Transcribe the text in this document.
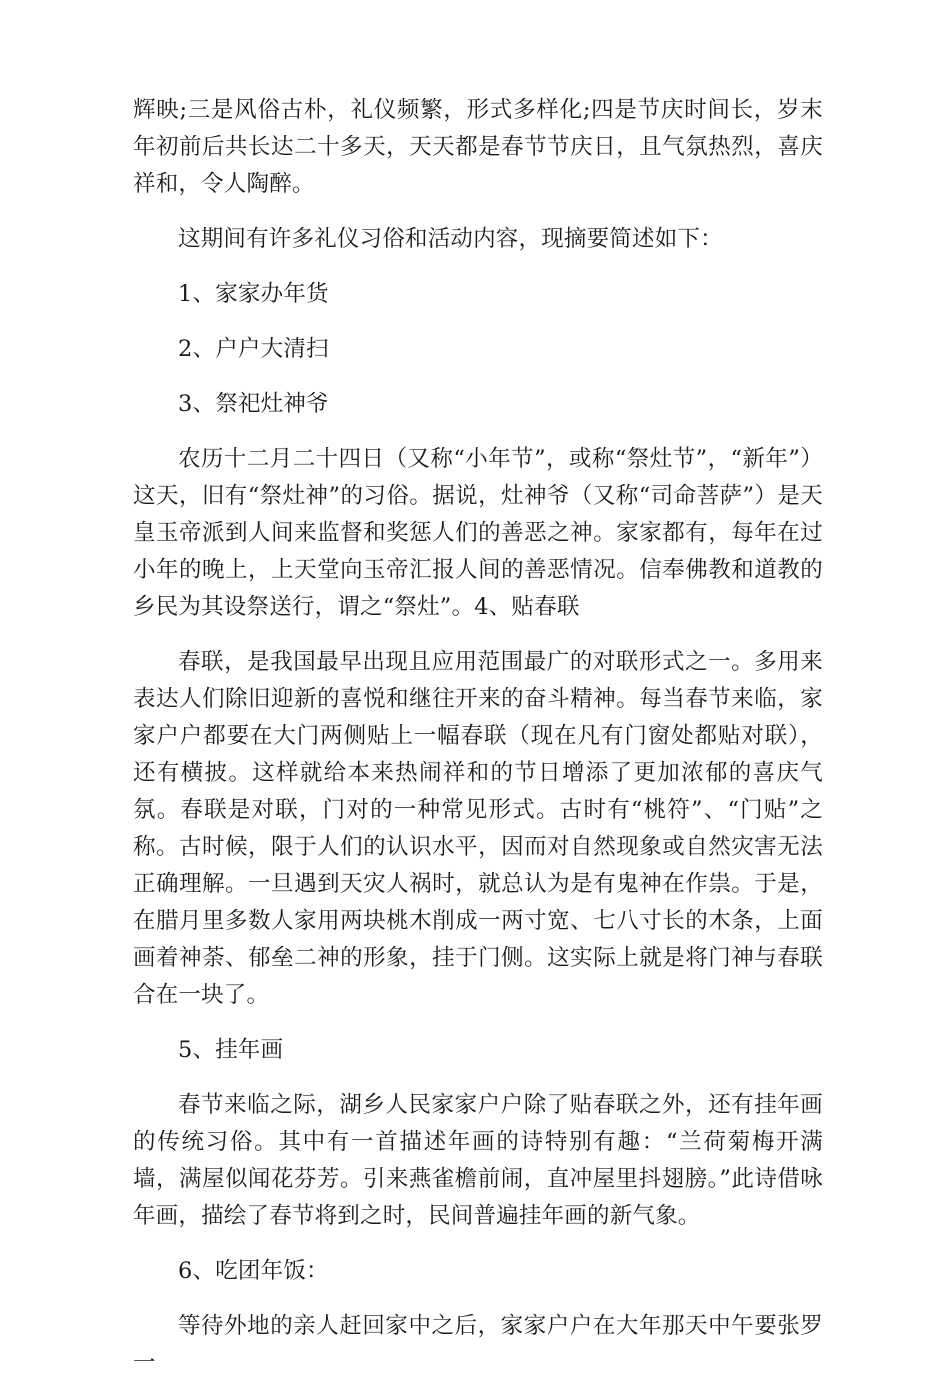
辉映;三是风俗古朴，礼仪频繁，形式多样化;四是节庆时间长，岁末年初前后共长达二十多天，天天都是春节节庆日，且气氛热烈，喜庆祥和，令人陶醉。

这期间有许多礼仪习俗和活动内容，现摘要简述如下：

1、家家办年货

2、户户大清扫

3、祭祀灶神爷

农历十二月二十四日（又称“小年节”，或称“祭灶节”，“新年”）这天，旧有“祭灶神”的习俗。据说，灶神爷（又称“司命菩萨”）是天皇玉帝派到人间来监督和奖惩人们的善恶之神。家家都有，每年在过小年的晚上，上天堂向玉帝汇报人间的善恶情况。信奉佛教和道教的乡民为其设祭送行，谓之“祭灶”。4、贴春联

春联，是我国最早出现且应用范围最广的对联形式之一。多用来表达人们除旧迎新的喜悦和继往开来的奋斗精神。每当春节来临，家家户户都要在大门两侧贴上一幅春联（现在凡有门窗处都贴对联），还有横披。这样就给本来热闹祥和的节日增添了更加浓郁的喜庆气氛。春联是对联，门对的一种常见形式。古时有“桃符”、“门贴”之称。古时候，限于人们的认识水平，因而对自然现象或自然灾害无法正确理解。一旦遇到天灾人祸时，就总认为是有鬼神在作祟。于是，在腊月里多数人家用两块桃木削成一两寸宽、七八寸长的木条，上面画着神荼、郁垒二神的形象，挂于门侧。这实际上就是将门神与春联合在一块了。

5、挂年画

春节来临之际，湖乡人民家家户户除了贴春联之外，还有挂年画的传统习俗。其中有一首描述年画的诗特别有趣：“兰荷菊梅开满墙，满屋似闻花芬芳。引来燕雀檐前闹，直冲屋里抖翅膀。”此诗借咏年画，描绘了春节将到之时，民间普遍挂年画的新气象。

6、吃团年饭：

等待外地的亲人赶回家中之后，家家户户在大年那天中午要张罗一
